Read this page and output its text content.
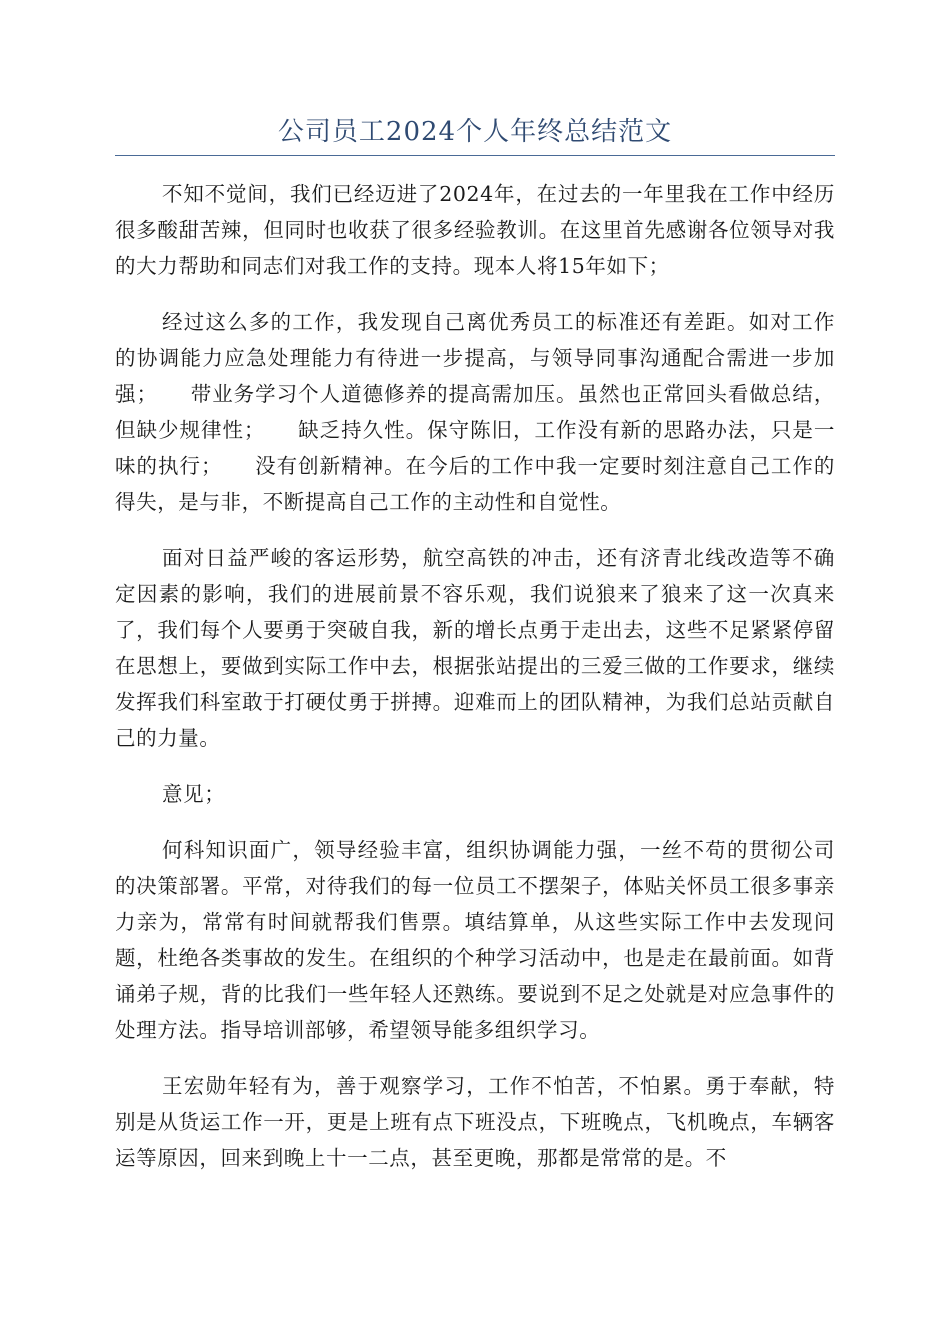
公司员工2024个人年终总结范文

不知不觉间，我们已经迈进了2024年，在过去的一年里我在工作中经历很多酸甜苦辣，但同时也收获了很多经验教训。在这里首先感谢各位领导对我的大力帮助和同志们对我工作的支持。现本人将15年如下；

经过这么多的工作，我发现自己离优秀员工的标准还有差距。如对工作的协调能力应急处理能力有待进一步提高，与领导同事沟通配合需进一步加强；　　带业务学习个人道德修养的提高需加压。虽然也正常回头看做总结，但缺少规律性；　　缺乏持久性。保守陈旧，工作没有新的思路办法，只是一味的执行；　　没有创新精神。在今后的工作中我一定要时刻注意自己工作的得失，是与非，不断提高自己工作的主动性和自觉性。

面对日益严峻的客运形势，航空高铁的冲击，还有济青北线改造等不确定因素的影响，我们的进展前景不容乐观，我们说狼来了狼来了这一次真来了，我们每个人要勇于突破自我，新的增长点勇于走出去，这些不足紧紧停留在思想上，要做到实际工作中去，根据张站提出的三爱三做的工作要求，继续发挥我们科室敢于打硬仗勇于拼搏。迎难而上的团队精神，为我们总站贡献自己的力量。

意见；

何科知识面广，领导经验丰富，组织协调能力强，一丝不苟的贯彻公司的决策部署。平常，对待我们的每一位员工不摆架子，体贴关怀员工很多事亲力亲为，常常有时间就帮我们售票。填结算单，从这些实际工作中去发现问题，杜绝各类事故的发生。在组织的个种学习活动中，也是走在最前面。如背诵弟子规，背的比我们一些年轻人还熟练。要说到不足之处就是对应急事件的处理方法。指导培训部够，希望领导能多组织学习。

王宏勋年轻有为，善于观察学习，工作不怕苦，不怕累。勇于奉献，特别是从货运工作一开，更是上班有点下班没点，下班晚点，飞机晚点，车辆客运等原因，回来到晚上十一二点，甚至更晚，那都是常常的是。不
